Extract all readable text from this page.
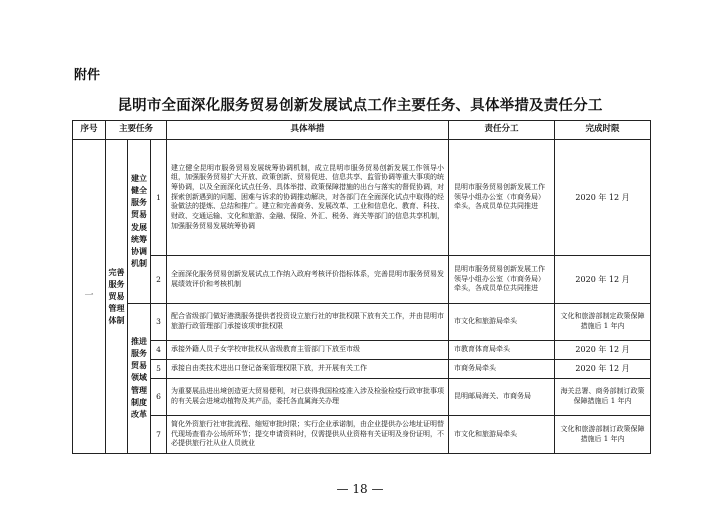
附件
昆明市全面深化服务贸易创新发展试点工作主要任务、具体举措及责任分工
序号	主要任务			具体举措	责任分工	完成时限
一	完善服务贸易管理体制	建立健全服务贸易发展统筹协调机制	1	建立健全昆明市服务贸易发展统筹协调机制，成立昆明市服务贸易创新发展工作领导小组，加强服务贸易扩大开放、政策创新、贸易促进、信息共享、监管协调等重大事项的统筹协调，以及全面深化试点任务、具体举措、政策保障措施的出台与落实的督促协调，对探索创新遇到的问题、困难与诉求的协调推动解决，对各部门在全面深化试点中取得的经验做法的提炼、总结和推广。建立和完善商务、发展改革、工业和信息化、教育、科技、财政、交通运输、文化和旅游、金融、保险、外汇、税务、海关等部门的信息共享机制，加强服务贸易发展统筹协调	昆明市服务贸易创新发展工作领导小组办公室（市商务局）牵头，各成员单位共同推进	2020 年 12 月
			2	全面深化服务贸易创新发展试点工作纳入政府考核评价指标体系，完善昆明市服务贸易发展绩效评价和考核机制	昆明市服务贸易创新发展工作领导小组办公室（市商务局）牵头，各成员单位共同推进	2020 年 12 月
		推进服务贸易领域管理制度改革	3	配合省级部门做好港澳服务提供者投资设立旅行社的审批权限下放有关工作，并由昆明市旅游行政管理部门承接该项审批权限	市文化和旅游局牵头	文化和旅游部制定政策保障措施后 1 年内
			4	承接外籍人员子女学校审批权从省级教育主管部门下放至市级	市教育体育局牵头	2020 年 12 月
			5	承接自由类技术进出口登记备案管理权限下放，并开展有关工作	市商务局牵头	2020 年 12 月
			6	为重要展品进出境创造更大贸易便利，对已获得我国检疫准入涉及检验检疫行政审批事项的有关展会进境动植物及其产品，委托各直属海关办理	昆明邮局海关、市商务局	海关总署、商务部制订政策保障措施后 1 年内
			7	简化外资旅行社审批流程、缩短审批时限；实行企业承诺制，由企业提供办公地址证明替代现场查看办公场所环节；提交申请资料时，仅需提供从业资格有关证明及身份证明，不必提供旅行社从业人员就业	市文化和旅游局牵头	文化和旅游部制订政策保障措施后 1 年内
— 18 —
